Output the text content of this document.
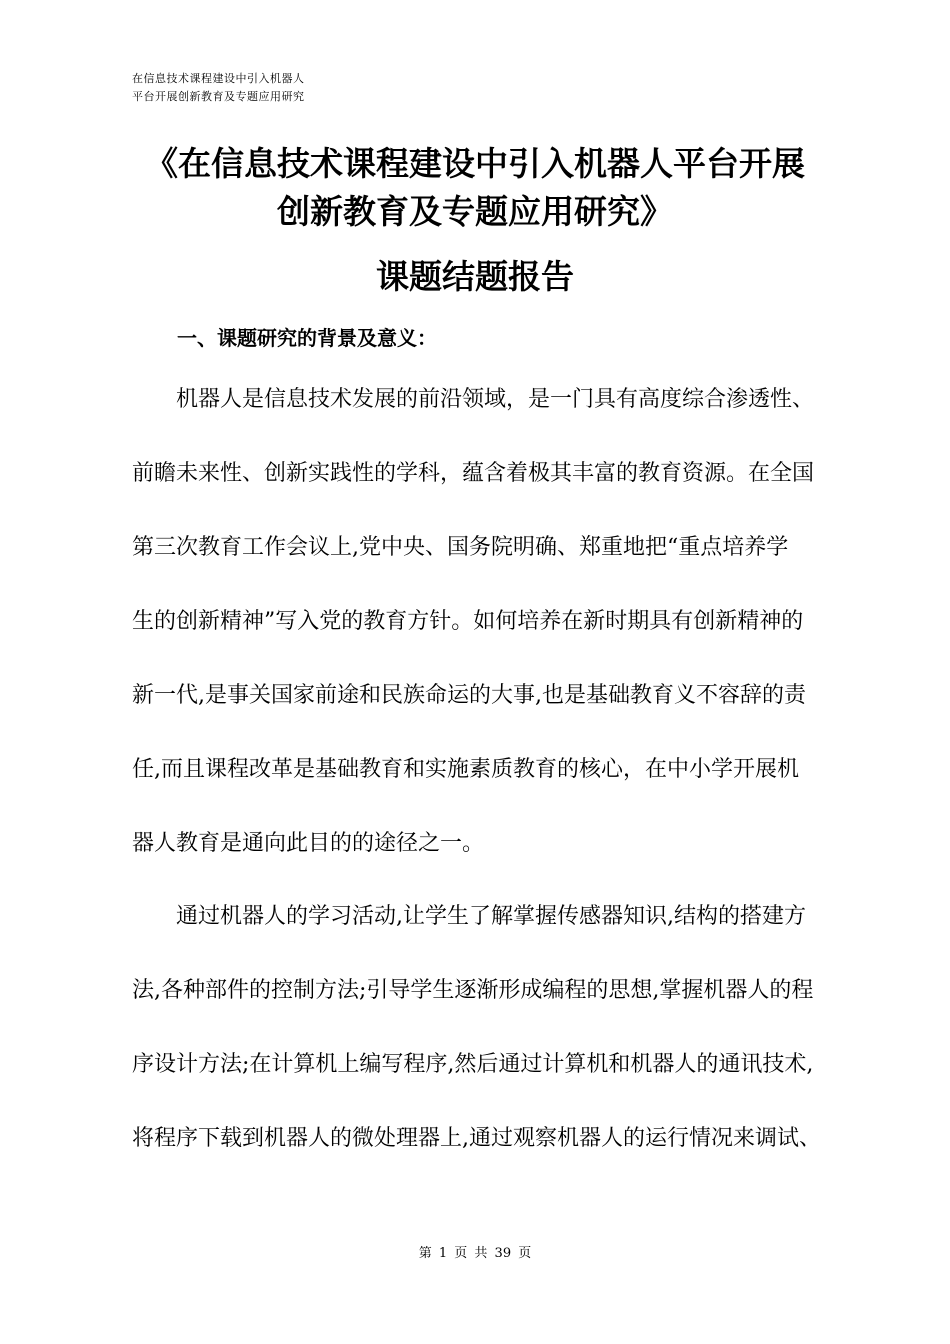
在信息技术课程建设中引入机器人
平台开展创新教育及专题应用研究
《在信息技术课程建设中引入机器人平台开展
创新教育及专题应用研究》
课题结题报告
一、课题研究的背景及意义：
机器人是信息技术发展的前沿领域，是一门具有高度综合渗透性、
前瞻未来性、创新实践性的学科，蕴含着极其丰富的教育资源。在全国
第三次教育工作会议上,党中央、国务院明确、郑重地把“重点培养学
生的创新精神”写入党的教育方针。如何培养在新时期具有创新精神的
新一代,是事关国家前途和民族命运的大事,也是基础教育义不容辞的责
任,而且课程改革是基础教育和实施素质教育的核心，在中小学开展机
器人教育是通向此目的的途径之一。
通过机器人的学习活动,让学生了解掌握传感器知识,结构的搭建方
法,各种部件的控制方法;引导学生逐渐形成编程的思想,掌握机器人的程
序设计方法;在计算机上编写程序,然后通过计算机和机器人的通讯技术,
将程序下载到机器人的微处理器上,通过观察机器人的运行情况来调试、
第 1 页 共 39 页
